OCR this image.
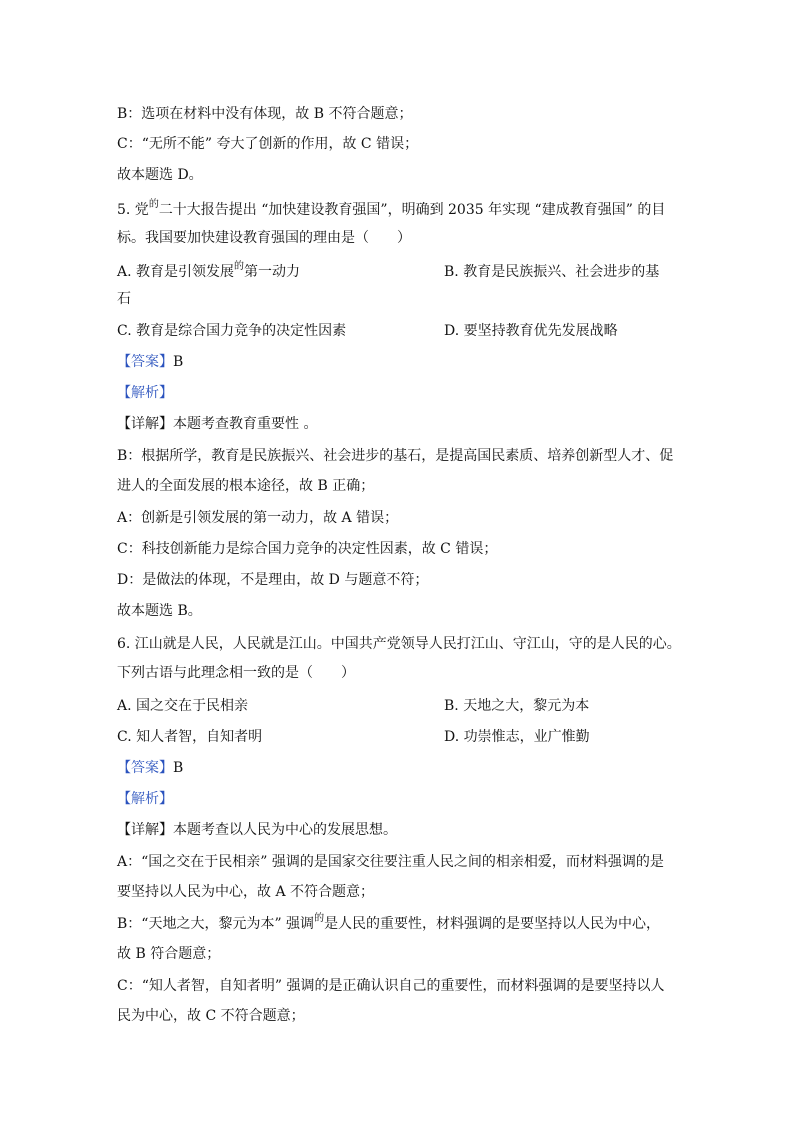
B：选项在材料中没有体现，故 B 不符合题意；
C：“无所不能” 夸大了创新的作用，故 C 错误；
故本题选 D。
5. 党$^的$二十大报告提出 “加快建设教育强国”，明确到 2035 年实现 “建成教育强国” 的目
标。我国要加快建设教育强国的理由是（　　）
A. 教育是引领发展$^的$第一动力	B. 教育是民族振兴、社会进步的基
石
C. 教育是综合国力竞争的决定性因素	D. 要坚持教育优先发展战略
【答案】B
【解析】
【详解】本题考查教育重要性 。
B：根据所学，教育是民族振兴、社会进步的基石，是提高国民素质、培养创新型人才、促
进人的全面发展的根本途径，故 B 正确；
A：创新是引领发展的第一动力，故 A 错误；
C：科技创新能力是综合国力竞争的决定性因素，故 C 错误；
D：是做法的体现，不是理由，故 D 与题意不符；
故本题选 B。
6. 江山就是人民，人民就是江山。中国共产党领导人民打江山、守江山，守的是人民的心。
下列古语与此理念相一致的是（　　）
A. 国之交在于民相亲	B. 天地之大，黎元为本
C. 知人者智，自知者明	D. 功崇惟志，业广惟勤
【答案】B
【解析】
【详解】本题考查以人民为中心的发展思想。
A：“国之交在于民相亲” 强调的是国家交往要注重人民之间的相亲相爱，而材料强调的是
要坚持以人民为中心，故 A 不符合题意；
B：“天地之大，黎元为本” 强调$^的$是人民的重要性，材料强调的是要坚持以人民为中心，
故 B 符合题意；
C：“知人者智，自知者明” 强调的是正确认识自己的重要性，而材料强调的是要坚持以人
民为中心，故 C 不符合题意；
